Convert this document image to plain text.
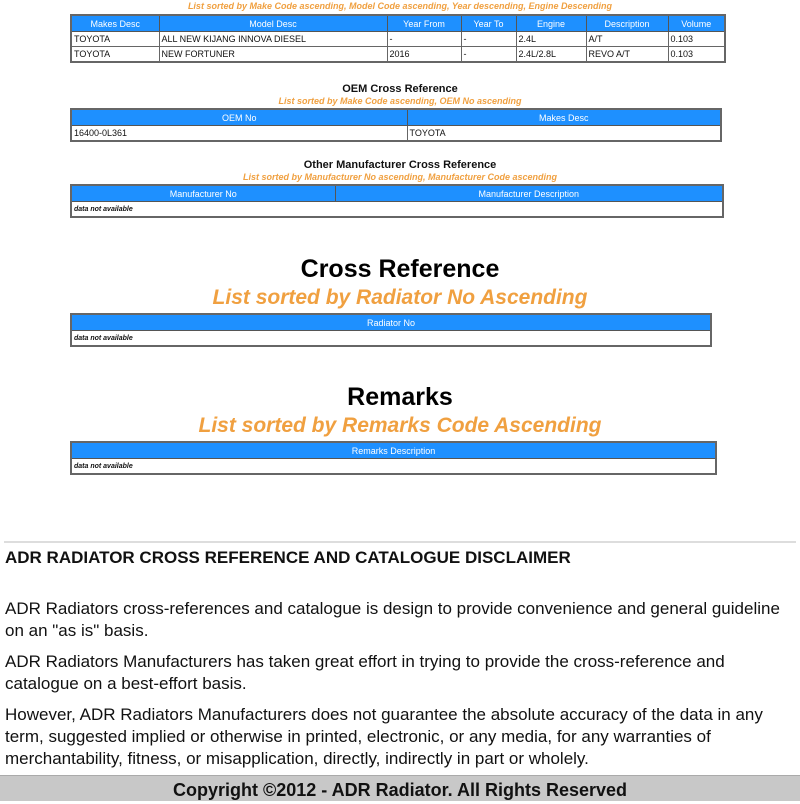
List sorted by Make Code ascending, Model Code ascending, Year descending, Engine Descending
Makes Desc	Model Desc	Year From	Year To	Engine	Description	Volume
TOYOTA	ALL NEW KIJANG INNOVA DIESEL	-	-	2.4L	A/T	0.103
TOYOTA	NEW FORTUNER	2016	-	2.4L/2.8L	REVO A/T	0.103
OEM Cross Reference
List sorted by Make Code ascending, OEM No ascending
OEM No	Makes Desc
16400-0L361	TOYOTA
Other Manufacturer Cross Reference
List sorted by Manufacturer No ascending, Manufacturer Code ascending
Manufacturer No	Manufacturer Description
data not available
Cross Reference
List sorted by Radiator No Ascending
Radiator No
data not available
Remarks
List sorted by Remarks Code Ascending
Remarks Description
data not available
ADR RADIATOR CROSS REFERENCE AND CATALOGUE DISCLAIMER
ADR Radiators cross-references and catalogue is design to provide convenience and general guideline on an "as is" basis.
ADR Radiators Manufacturers has taken great effort in trying to provide the cross-reference and catalogue on a best-effort basis.
However, ADR Radiators Manufacturers does not guarantee the absolute accuracy of the data in any term, suggested implied or otherwise in printed, electronic, or any media, for any warranties of merchantability, fitness, or misapplication, directly, indirectly in part or wholely.
Copyright ©2012 - ADR Radiator. All Rights Reserved
